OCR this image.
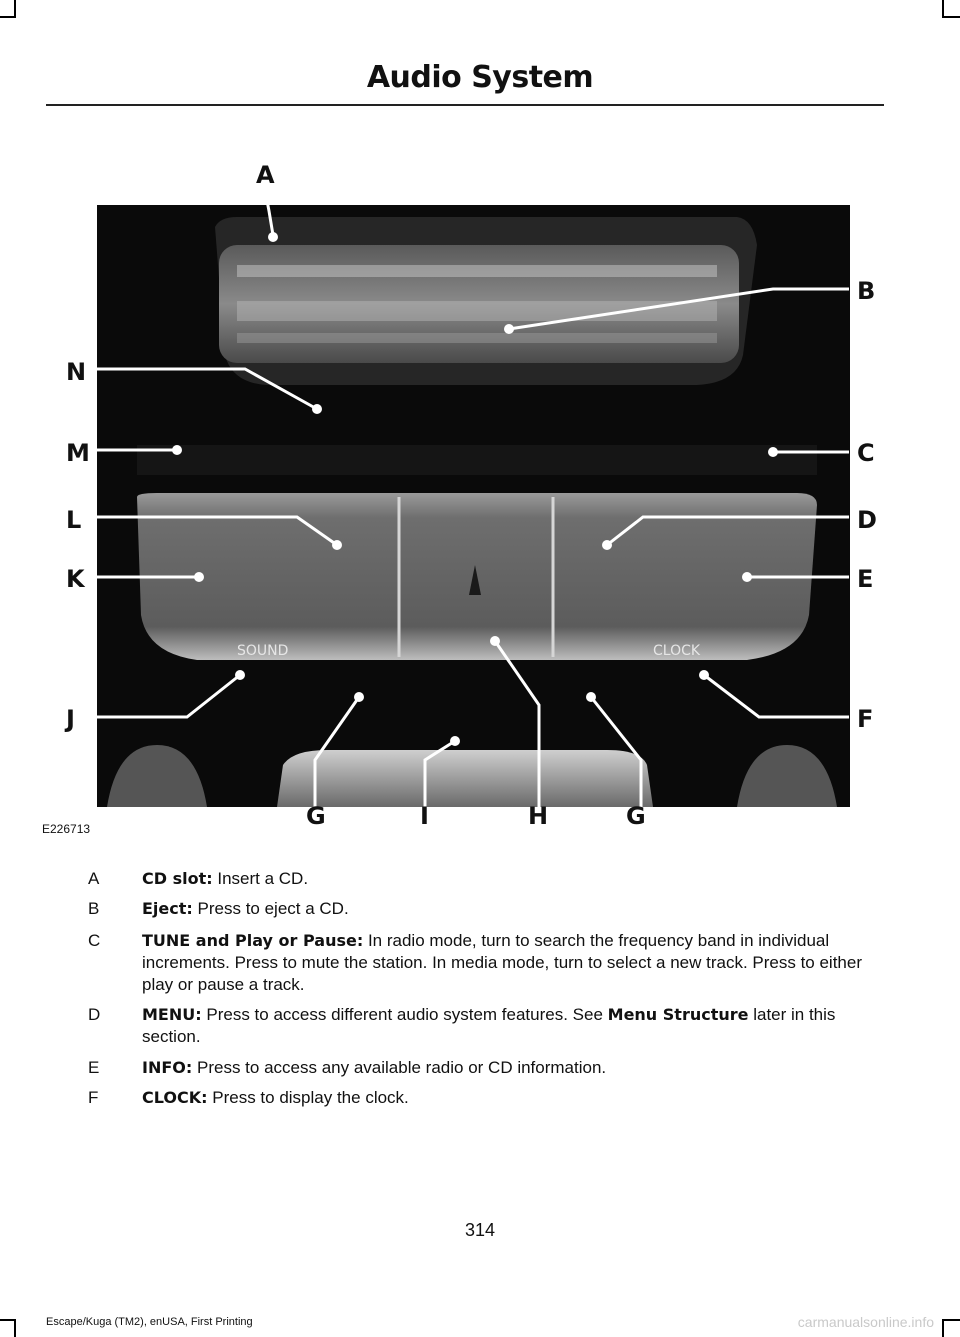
Audio System
SOUND	CLOCK
A
B
C
D
E
F
G	G
H
I
J
K
L
M
N
E226713
A	CD slot: Insert a CD.
B	Eject: Press to eject a CD.
C	TUNE and Play or Pause: In radio mode, turn to search the frequency band in individual increments. Press to mute the station. In media mode, turn to select a new track. Press to either play or pause a track.
D	MENU: Press to access different audio system features. See Menu Structure later in this section.
E	INFO: Press to access any available radio or CD information.
F	CLOCK: Press to display the clock.
314
Escape/Kuga (TM2), enUSA, First Printing	carmanualsonline.info
